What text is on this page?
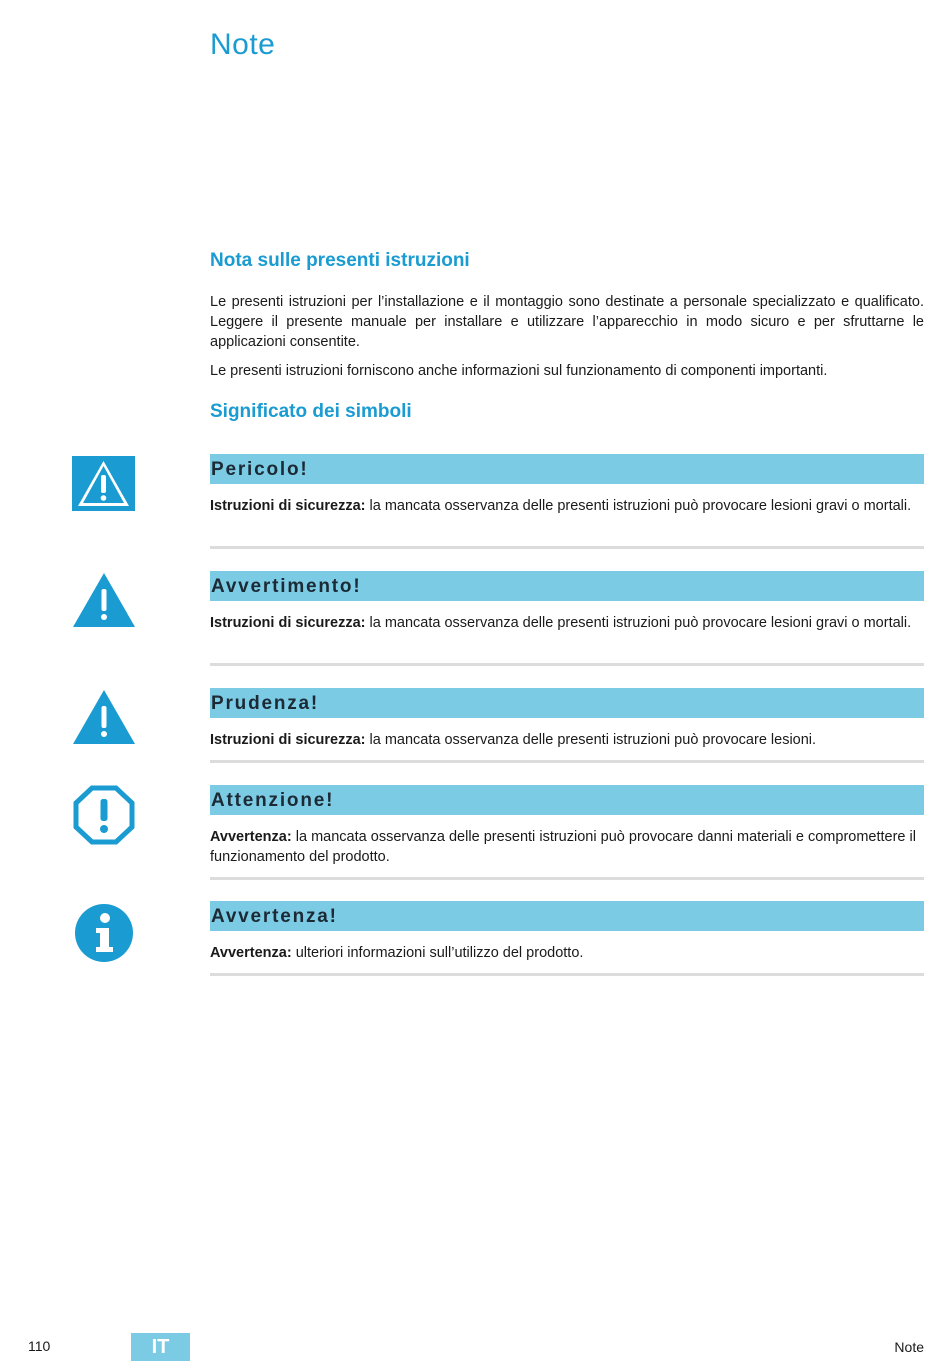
Note
Nota sulle presenti istruzioni

Le presenti istruzioni per l’installazione e il montaggio sono destinate a personale specializzato e qualificato. Leggere il presente manuale per installare e utilizzare l’apparecchio in modo sicuro e per sfruttarne le applicazioni consentite.

Le presenti istruzioni forniscono anche informazioni sul funzionamento di componenti importanti.

Significato dei simboli
Pericolo!

Istruzioni di sicurezza: la mancata osservanza delle presenti istruzioni può provocare lesioni gravi o mortali.

Avvertimento!

Istruzioni di sicurezza: la mancata osservanza delle presenti istruzioni può provocare lesioni gravi o mortali.

Prudenza!

Istruzioni di sicurezza: la mancata osservanza delle presenti istruzioni può provocare lesioni.

Attenzione!

Avvertenza: la mancata osservanza delle presenti istruzioni può provocare danni materiali e compromettere il funzionamento del prodotto.

Avvertenza!

Avvertenza: ulteriori informazioni sull’utilizzo del prodotto.

110	IT	Note
